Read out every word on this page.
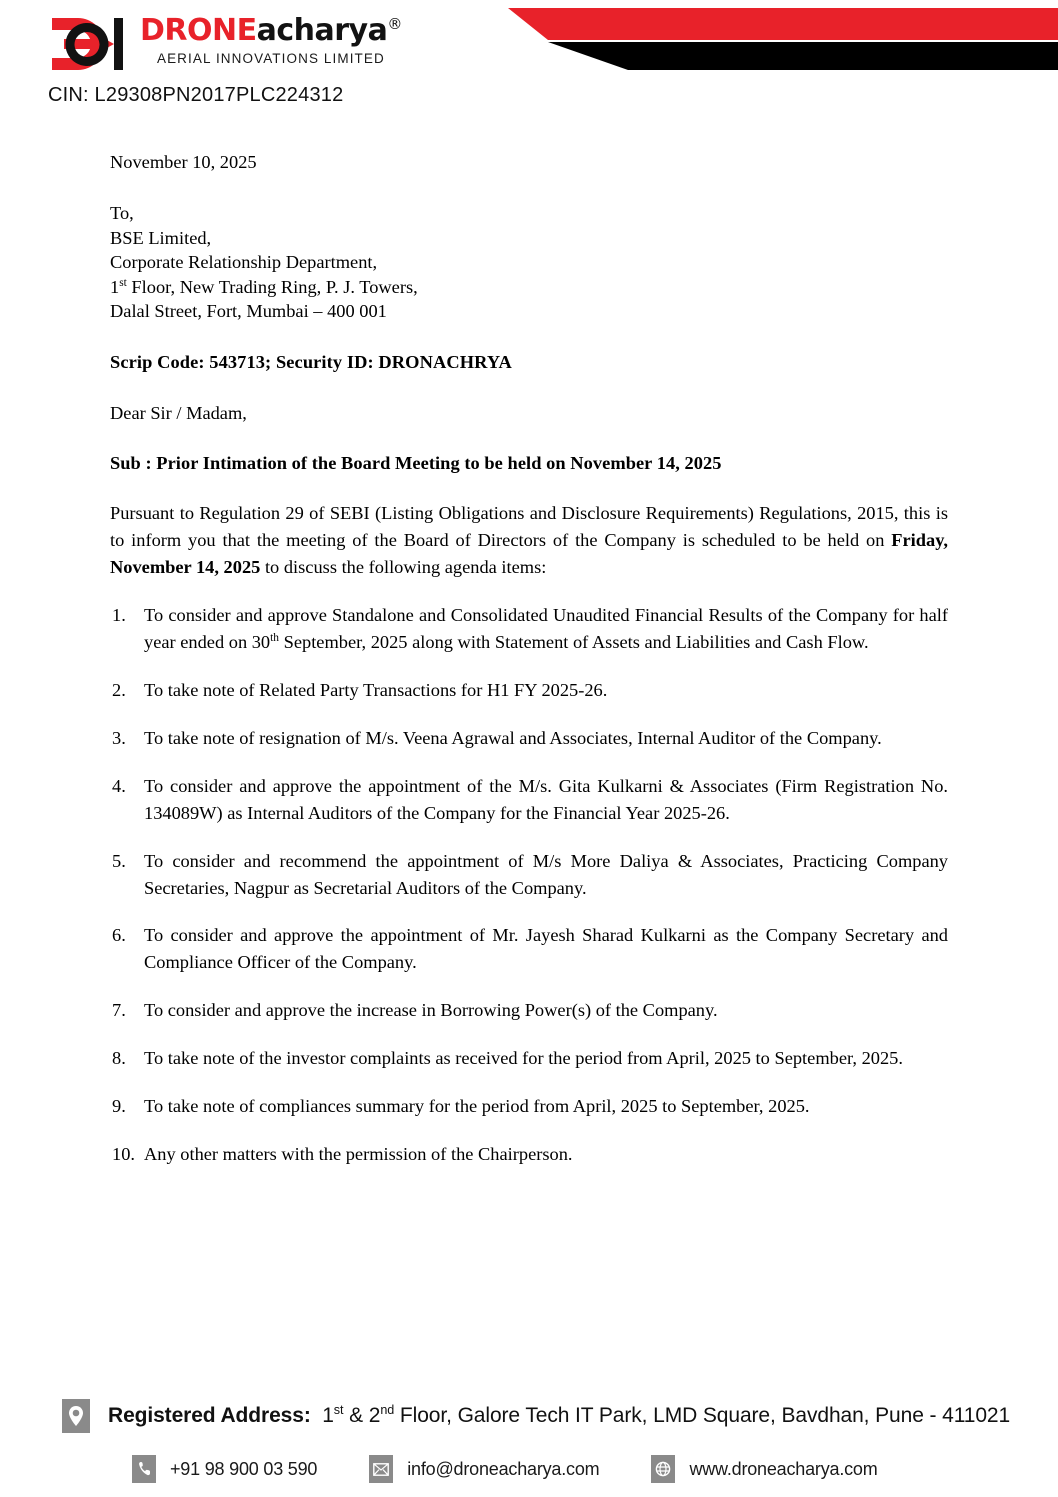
DRONEacharya®
AERIAL INNOVATIONS LIMITED
CIN: L29308PN2017PLC224312
November 10, 2025
To,
BSE Limited,
Corporate Relationship Department,
1st Floor, New Trading Ring, P. J. Towers,
Dalal Street, Fort, Mumbai – 400 001
Scrip Code: 543713; Security ID: DRONACHRYA
Dear Sir / Madam,
Sub : Prior Intimation of the Board Meeting to be held on November 14, 2025
Pursuant to Regulation 29 of SEBI (Listing Obligations and Disclosure Requirements) Regulations, 2015, this is to inform you that the meeting of the Board of Directors of the Company is scheduled to be held on Friday, November 14, 2025 to discuss the following agenda items:
1. To consider and approve Standalone and Consolidated Unaudited Financial Results of the Company for half year ended on 30th September, 2025 along with Statement of Assets and Liabilities and Cash Flow.
2. To take note of Related Party Transactions for H1 FY 2025-26.
3. To take note of resignation of M/s. Veena Agrawal and Associates, Internal Auditor of the Company.
4. To consider and approve the appointment of the M/s. Gita Kulkarni & Associates (Firm Registration No. 134089W) as Internal Auditors of the Company for the Financial Year 2025-26.
5. To consider and recommend the appointment of M/s More Daliya & Associates, Practicing Company Secretaries, Nagpur as Secretarial Auditors of the Company.
6. To consider and approve the appointment of Mr. Jayesh Sharad Kulkarni as the Company Secretary and Compliance Officer of the Company.
7. To consider and approve the increase in Borrowing Power(s) of the Company.
8. To take note of the investor complaints as received for the period from April, 2025 to September, 2025.
9. To take note of compliances summary for the period from April, 2025 to September, 2025.
10. Any other matters with the permission of the Chairperson.
Registered Address: 1st & 2nd Floor, Galore Tech IT Park, LMD Square, Bavdhan, Pune - 411021
+91 98 900 03 590	info@droneacharya.com	www.droneacharya.com
